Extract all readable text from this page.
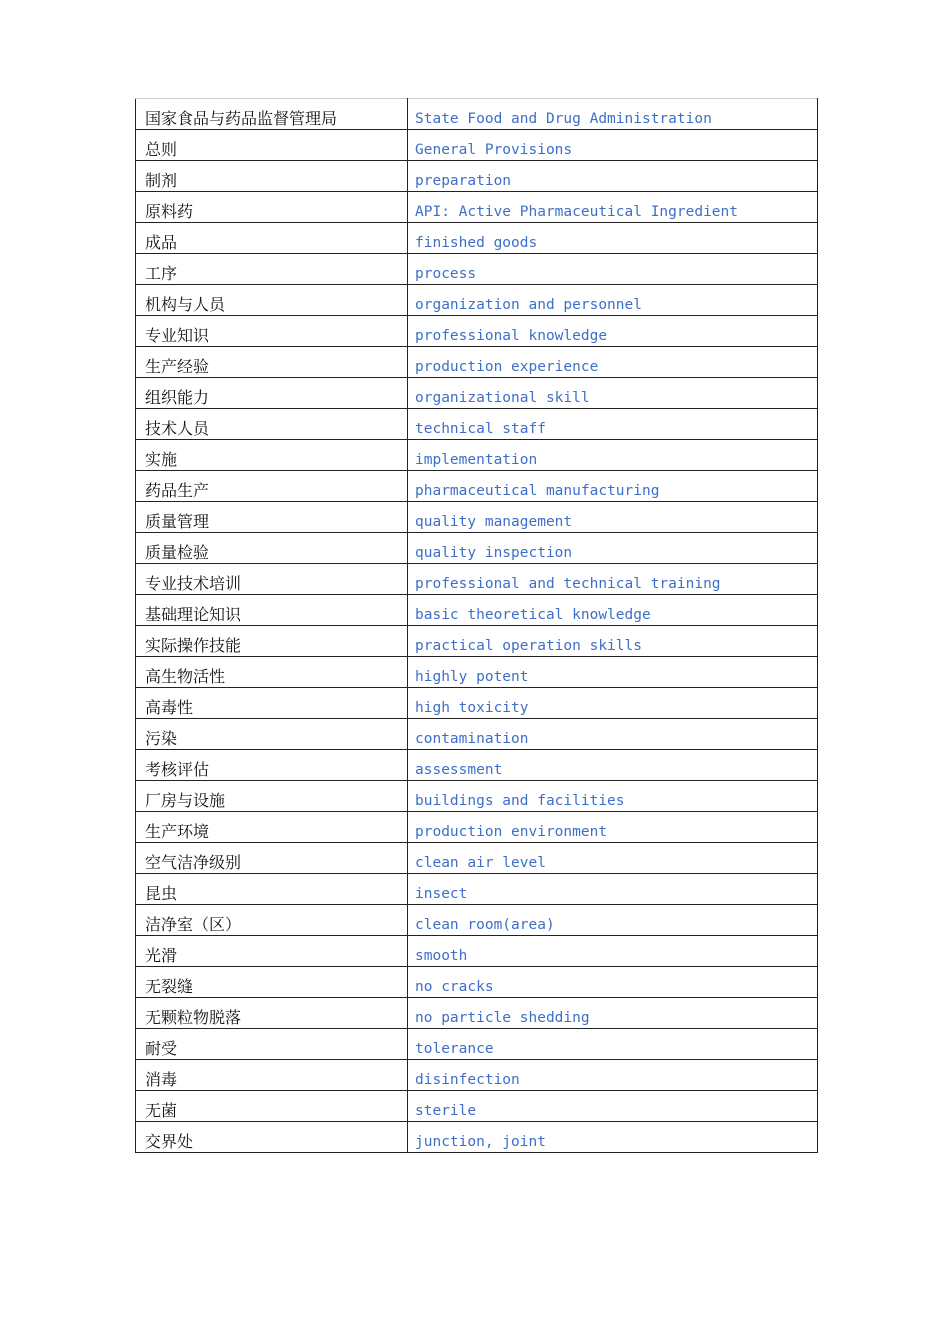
国家食品与药品监督管理局	State Food and Drug Administration
总则	General Provisions
制剂	preparation
原料药	API: Active Pharmaceutical Ingredient
成品	finished goods
工序	process
机构与人员	organization and personnel
专业知识	professional knowledge
生产经验	production experience
组织能力	organizational skill
技术人员	technical staff
实施	implementation
药品生产	pharmaceutical manufacturing
质量管理	quality management
质量检验	quality inspection
专业技术培训	professional and technical training
基础理论知识	basic theoretical knowledge
实际操作技能	practical operation skills
高生物活性	highly potent
高毒性	high toxicity
污染	contamination
考核评估	assessment
厂房与设施	buildings and facilities
生产环境	production environment
空气洁净级别	clean air level
昆虫	insect
洁净室（区）	clean room(area)
光滑	smooth
无裂缝	no cracks
无颗粒物脱落	no particle shedding
耐受	tolerance
消毒	disinfection
无菌	sterile
交界处	junction, joint
